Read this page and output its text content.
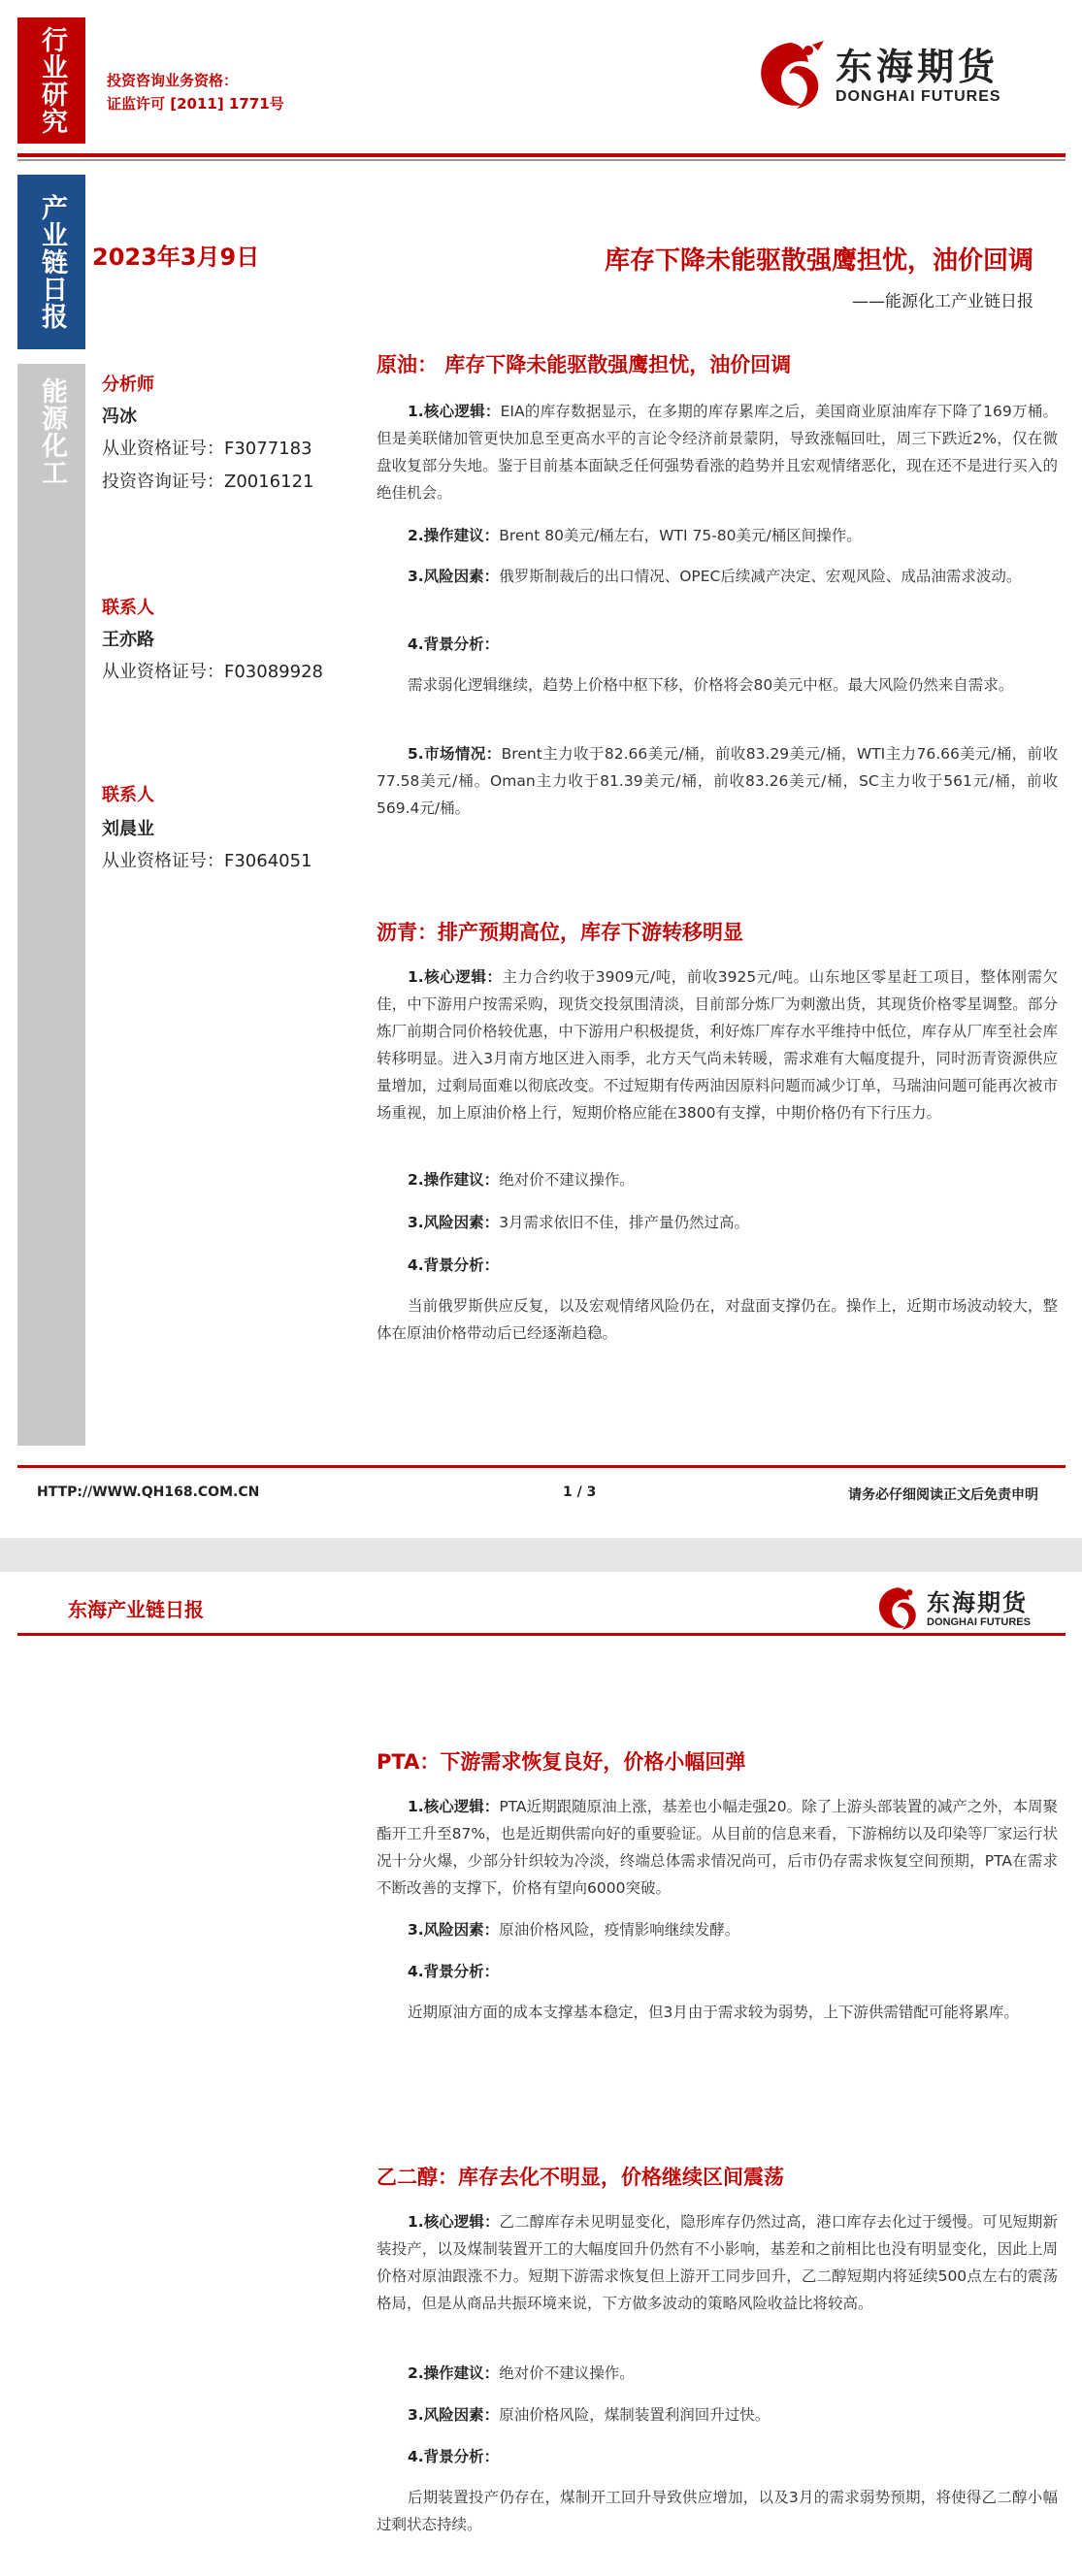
行业研究	投资咨询业务资格：
证监许可 [2011] 1771号
东海期货
DONGHAI FUTURES
产业链日报
能源化工
2023年3月9日	库存下降未能驱散强鹰担忧，油价回调
——能源化工产业链日报
分析师
冯冰
从业资格证号：F3077183
投资咨询证号：Z0016121
联系人
王亦路
从业资格证号：F03089928
联系人
刘晨业
从业资格证号：F3064051
原油： 库存下降未能驱散强鹰担忧，油价回调
1.核心逻辑：EIA的库存数据显示，在多期的库存累库之后，美国商业原油库存下降了169万桶。但是美联储加管更快加息至更高水平的言论令经济前景蒙阴，导致涨幅回吐，周三下跌近2%，仅在微盘收复部分失地。鉴于目前基本面缺乏任何强势看涨的趋势并且宏观情绪恶化，现在还不是进行买入的绝佳机会。
2.操作建议：Brent 80美元/桶左右，WTI 75-80美元/桶区间操作。
3.风险因素：俄罗斯制裁后的出口情况、OPEC后续减产决定、宏观风险、成品油需求波动。
4.背景分析：
需求弱化逻辑继续，趋势上价格中枢下移，价格将会80美元中枢。最大风险仍然来自需求。
5.市场情况：Brent主力收于82.66美元/桶，前收83.29美元/桶，WTI主力76.66美元/桶，前收77.58美元/桶。Oman主力收于81.39美元/桶，前收83.26美元/桶，SC主力收于561元/桶，前收569.4元/桶。
沥青：排产预期高位，库存下游转移明显
1.核心逻辑：主力合约收于3909元/吨，前收3925元/吨。山东地区零星赶工项目，整体刚需欠佳，中下游用户按需采购，现货交投氛围清淡，目前部分炼厂为刺激出货，其现货价格零星调整。部分炼厂前期合同价格较优惠，中下游用户积极提货，利好炼厂库存水平维持中低位，库存从厂库至社会库转移明显。进入3月南方地区进入雨季，北方天气尚未转暖，需求难有大幅度提升，同时沥青资源供应量增加，过剩局面难以彻底改变。不过短期有传两油因原料问题而减少订单，马瑞油问题可能再次被市场重视，加上原油价格上行，短期价格应能在3800有支撑，中期价格仍有下行压力。
2.操作建议：绝对价不建议操作。
3.风险因素：3月需求依旧不佳，排产量仍然过高。
4.背景分析：
当前俄罗斯供应反复，以及宏观情绪风险仍在，对盘面支撑仍在。操作上，近期市场波动较大，整体在原油价格带动后已经逐渐趋稳。
HTTP://WWW.QH168.COM.CN	1 / 3	请务必仔细阅读正文后免责申明
东海产业链日报	东海期货
DONGHAI FUTURES
PTA：下游需求恢复良好，价格小幅回弹
1.核心逻辑：PTA近期跟随原油上涨，基差也小幅走强20。除了上游头部装置的减产之外，本周聚酯开工升至87%，也是近期供需向好的重要验证。从目前的信息来看，下游棉纺以及印染等厂家运行状况十分火爆，少部分针织较为冷淡，终端总体需求情况尚可，后市仍存需求恢复空间预期，PTA在需求不断改善的支撑下，价格有望向6000突破。
3.风险因素：原油价格风险，疫情影响继续发酵。
4.背景分析：
近期原油方面的成本支撑基本稳定，但3月由于需求较为弱势，上下游供需错配可能将累库。
乙二醇：库存去化不明显，价格继续区间震荡
1.核心逻辑：乙二醇库存未见明显变化，隐形库存仍然过高，港口库存去化过于缓慢。可见短期新装投产，以及煤制装置开工的大幅度回升仍然有不小影响，基差和之前相比也没有明显变化，因此上周价格对原油跟涨不力。短期下游需求恢复但上游开工同步回升，乙二醇短期内将延续500点左右的震荡格局，但是从商品共振环境来说，下方做多波动的策略风险收益比将较高。
2.操作建议：绝对价不建议操作。
3.风险因素：原油价格风险，煤制装置利润回升过快。
4.背景分析：
后期装置投产仍存在，煤制开工回升导致供应增加，以及3月的需求弱势预期，将使得乙二醇小幅过剩状态持续。
